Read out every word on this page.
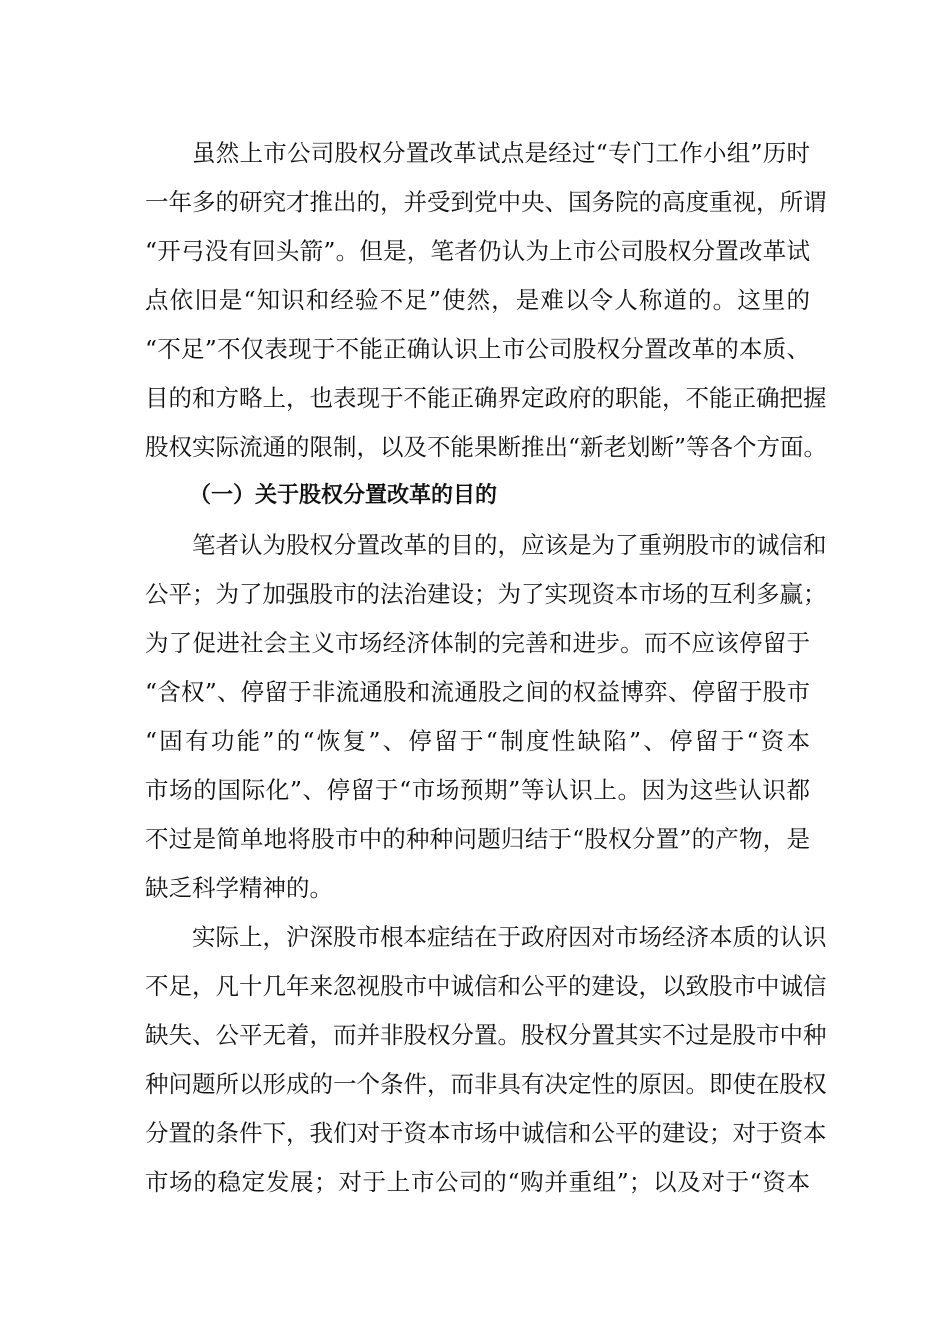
虽然上市公司股权分置改革试点是经过“专门工作小组”历时
一年多的研究才推出的，并受到党中央、国务院的高度重视，所谓
“开弓没有回头箭”。但是，笔者仍认为上市公司股权分置改革试
点依旧是“知识和经验不足”使然，是难以令人称道的。这里的
“不足”不仅表现于不能正确认识上市公司股权分置改革的本质、
目的和方略上，也表现于不能正确界定政府的职能，不能正确把握
股权实际流通的限制，以及不能果断推出“新老划断”等各个方面。
（一）关于股权分置改革的目的
笔者认为股权分置改革的目的，应该是为了重朔股市的诚信和
公平；为了加强股市的法治建设；为了实现资本市场的互利多赢；
为了促进社会主义市场经济体制的完善和进步。而不应该停留于
“含权”、停留于非流通股和流通股之间的权益博弈、停留于股市
“固有功能”的“恢复”、停留于“制度性缺陷”、停留于“资本
市场的国际化”、停留于“市场预期”等认识上。因为这些认识都
不过是简单地将股市中的种种问题归结于“股权分置”的产物，是
缺乏科学精神的。
实际上，沪深股市根本症结在于政府因对市场经济本质的认识
不足，凡十几年来忽视股市中诚信和公平的建设，以致股市中诚信
缺失、公平无着，而并非股权分置。股权分置其实不过是股市中种
种问题所以形成的一个条件，而非具有决定性的原因。即使在股权
分置的条件下，我们对于资本市场中诚信和公平的建设；对于资本
市场的稳定发展；对于上市公司的“购并重组”；以及对于“资本
